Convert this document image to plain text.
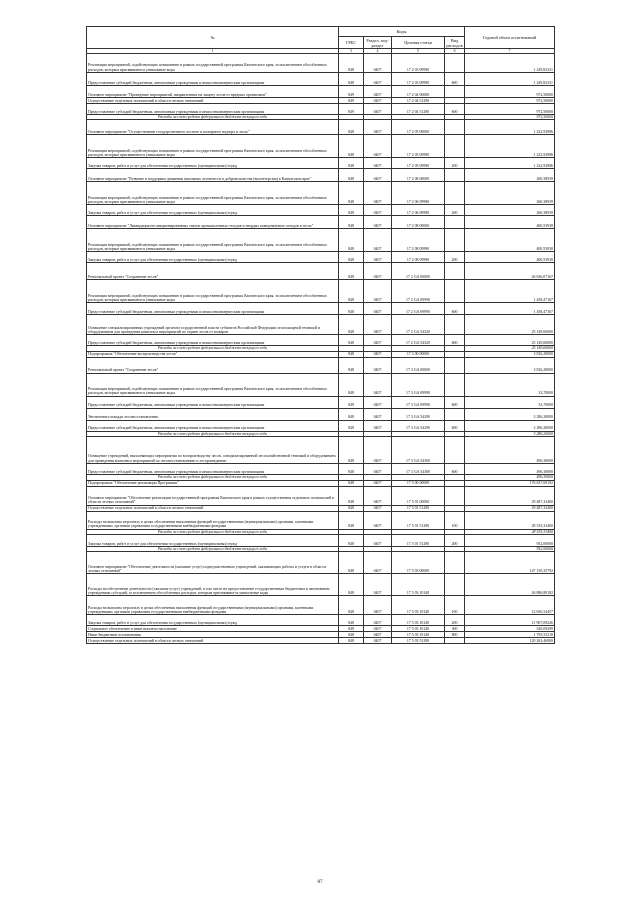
№	Коды				Годовой объем ассигнований
	ГРБС	Раздел, под-раздел	Целевая статья	Вид расходов	
1	3	4	5	6	7
Реализация мероприятий, содействующих повышению в рамках государственной программы Камчатского края, за исключением обособленных расходов, которым присваиваются уникальные коды	848	0407	17 2 03 09990		1 249,82331
Предоставление субсидий бюджетным, автономным учреждениям и иным некоммерческим организациям	848	0407	17 2 03 09990	600	1 249,82331
Основное мероприятие "Проведение мероприятий, направленных на защиту лесов от вредных организмов"	849	0407	17 2 04 00000		972,50000
Осуществление отдельных полномочий в области лесных отношений	849	0407	17 2 04 51290		972,50000
Предоставление субсидий бюджетным, автономным учреждениям и иным некоммерческим организациям	849	0407	17 2 04 51290	600	972,50000
Расходы за счет средств федерального бюджета текущего года					972,50000
Основное мероприятие "Осуществление государственного лесного и пожарного надзора в лесах"	848	0407	17 2 05 00000		1 222,92986
Реализация мероприятий, содействующих повышению в рамках государственной программы Камчатского края, за исключением обособленных расходов, которым присваиваются уникальные коды	848	0407	17 2 05 09990		1 222,92986
Закупка товаров, работ и услуг для обеспечения государственных (муниципальных) нужд	848	0407	17 2 05 09990	200	1 222,92986
Основное мероприятие "Развитие и поддержка движения школьных лесничеств и добровольчества (волонтерства) в Камчатском крае"	848	0407	17 2 06 00000		260,38939
Реализация мероприятий, содействующих повышению в рамках государственной программы Камчатского края, за исключением обособленных расходов, которым присваиваются уникальные коды	848	0407	17 2 06 09990		260,38939
Закупка товаров, работ и услуг для обеспечения государственных (муниципальных) нужд	848	0407	17 2 06 09990	200	260,38939
Основное мероприятие "Ликвидация несанкционированных свалок промышленных отходов и твердых коммунальных отходов в лесах"	848	0407	17 2 08 00000		400,53938
Реализация мероприятий, содействующих повышению в рамках государственной программы Камчатского края, за исключением обособленных расходов, которым присваиваются уникальные коды	848	0407	17 2 08 09990		400,53938
Закупка товаров, работ и услуг для обеспечения государственных (муниципальных) нужд	848	0407	17 2 08 09990	200	400,53938
Региональный проект "Сохранение лесов"	848	0407	17 2 GA 00000		26 636,07167
Реализация мероприятий, содействующих повышению в рамках государственной программы Камчатского края, за исключением обособленных расходов, которым присваиваются уникальные коды	848	0407	17 2 GA 09990		1 458,47167
Предоставление субсидий бюджетным, автономным учреждениям и иным некоммерческим организациям	848	0407	17 2 GA 09990	600	1 458,47167
Оснащение специализированных учреждений органов государственной власти субъектов Российской Федерации лесопожарной техникой и оборудованием для проведения комплекса мероприятий по охране лесов от пожаров	848	0407	17 2 GA 54320		25 149,60000
Предоставление субсидий бюджетным, автономным учреждениям и иным некоммерческим организациям	848	0407	17 2 GA 54320	600	25 149,60000
Расходы за счет средств федерального бюджета текущего года					25 149,60000
Подпрограмма "Обеспечение воспроизводства лесов"	848	0407	17 3 00 00000		3 816,20000
Региональный проект "Сохранение лесов"	848	0407	17 3 GA 00000		3 816,20000
Реализация мероприятий, содействующих повышению в рамках государственной программы Камчатского края, за исключением обособленных расходов, которым присваиваются уникальные коды	848	0407	17 3 GA 09990		33,70000
Предоставление субсидий бюджетным, автономным учреждениям и иным некоммерческим организациям	848	0407	17 3 GA 09990	600	33,70000
Увеличение площади лесовосстановления	848	0407	17 3 GA 54290		3 286,20000
Предоставление субсидий бюджетным, автономным учреждениям и иным некоммерческим организациям	848	0407	17 3 GA 54290	600	3 286,20000
Расходы за счет средств федерального бюджета текущего года					3 286,20000
Оснащение учреждений, выполняющих мероприятия по воспроизводству лесов, специализированной лесохозяйственной техникой и оборудованием для проведения комплекса мероприятий по лесовосстановлению и лесоразведению	848	0407	17 3 GA 54300		496,30000
Предоставление субсидий бюджетным, автономным учреждениям и иным некоммерческим организациям	848	0407	17 3 GA 54300	600	496,30000
Расходы за счет средств федерального бюджета текущего года					496,30000
Подпрограмма "Обеспечение реализации Программы"	848	0407	17 5 00 00000		176 637,69192
Основное мероприятие "Обеспечение реализации государственной программы Камчатского края в рамках осуществления отдельных полномочий в области лесных отношений"	848	0407	17 5 01 00000		29 487,33400
Осуществление отдельных полномочий в области лесных отношений	848	0407	17 5 01 51290		29 487,33400
Расходы на выплаты персоналу в целях обеспечения выполнения функций государственными (муниципальными) органами, казенными учреждениями, органами управления государственными внебюджетными фондами	848	0407	17 5 01 51290	100	28 535,33400
Расходы за счет средств федерального бюджета текущего года					28 535,33400
Закупка товаров, работ и услуг для обеспечения государственных (муниципальных) нужд	848	0407	17 5 01 51290	200	952,00000
Расходы за счет средств федерального бюджета текущего года					952,00000
Основное мероприятие "Обеспечение деятельности (оказание услуг) подведомственных учреждений, оказывающих работы и услуги в области лесных отношений"	848	0407	17 5 03 00000		147 150,35792
Расходы на обеспечение деятельности (оказание услуг) учреждений, в том числе на предоставление государственным бюджетным и автономным учреждениям субсидий, за исключением обособленных расходов, которым присваиваются уникальные коды	848	0407	17 5 03 10140		26 886,88182
Расходы на выплаты персоналу в целях обеспечения выполнения функций государственными (муниципальными) органами, казенными учреждениями, органами управления государственными внебюджетными фондами	848	0407	17 5 03 10140	100	12 656,54457
Закупка товаров, работ и услуг для обеспечения государственных (муниципальных) нужд	848	0407	17 5 03 10140	200	11 907,09226
Социальное обеспечение и иные выплаты населению	848	0407	17 5 03 10140	300	520,09299
Иные бюджетные ассигнования	848	0407	17 5 03 10140	800	1 795,55218
Осуществление отдельных полномочий в области лесных отношений	848	0407	17 5 03 51290		120 263,46900
87
